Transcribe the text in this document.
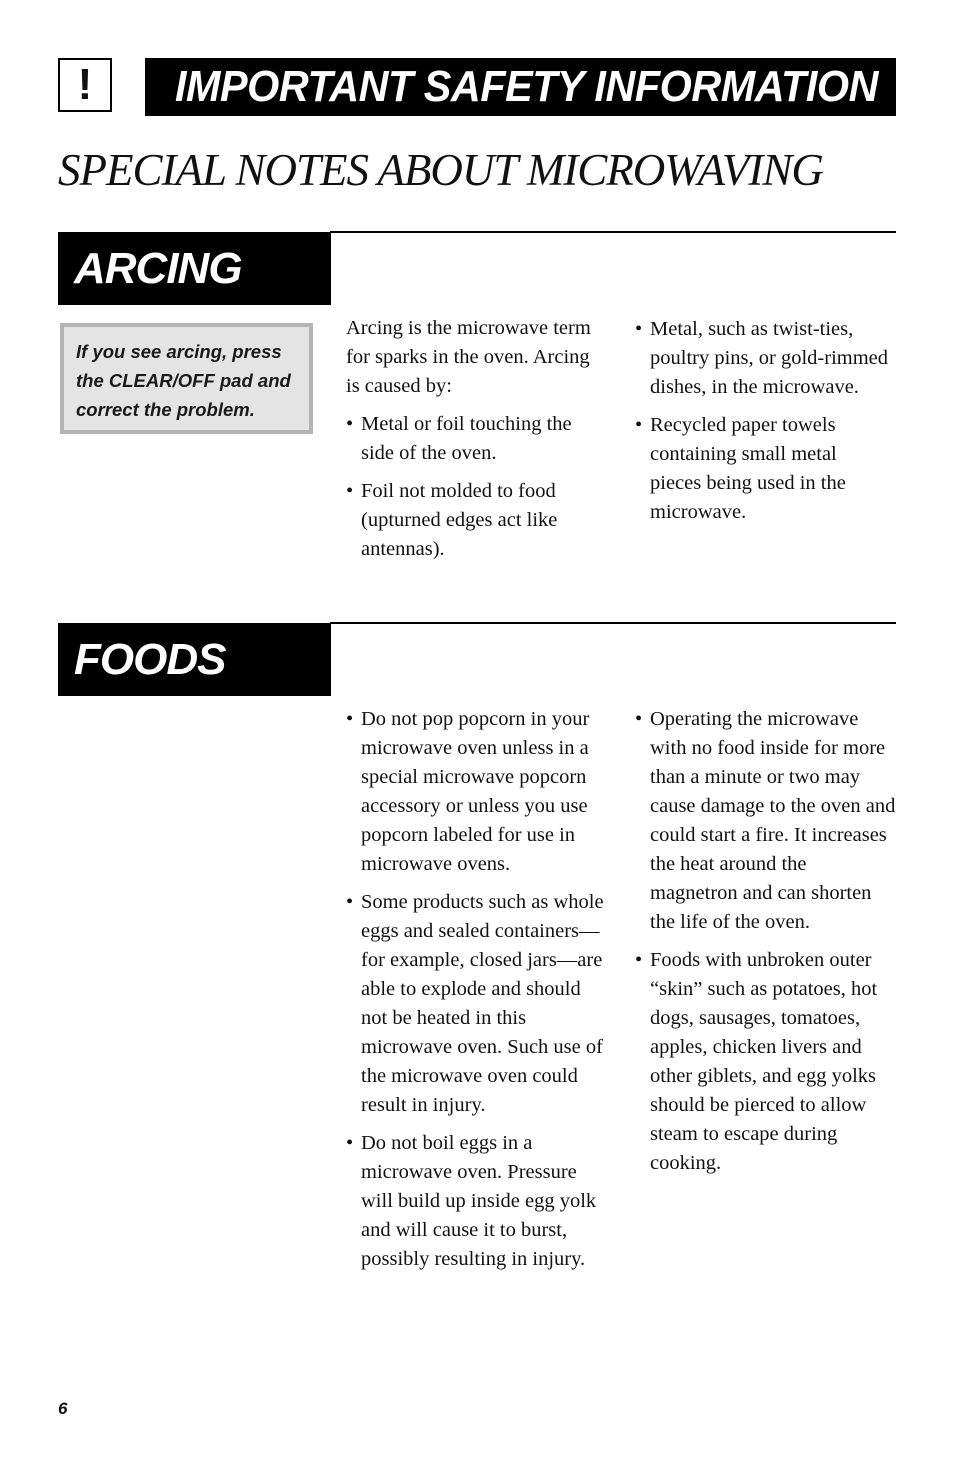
!	IMPORTANT SAFETY INFORMATION
SPECIAL NOTES ABOUT MICROWAVING
ARCING
If you see arcing, press
the CLEAR/OFF pad and
correct the problem.

Arcing is the microwave term for sparks in the oven. Arcing is caused by:

• Metal or foil touching the side of the oven.
• Foil not molded to food (upturned edges act like antennas).
• Metal, such as twist-ties, poultry pins, or gold-rimmed dishes, in the microwave.
• Recycled paper towels containing small metal pieces being used in the microwave.
FOODS
• Do not pop popcorn in your microwave oven unless in a special microwave popcorn accessory or unless you use popcorn labeled for use in microwave ovens.
• Some products such as whole eggs and sealed containers—for example, closed jars—are able to explode and should not be heated in this microwave oven. Such use of the microwave oven could result in injury.
• Do not boil eggs in a microwave oven. Pressure will build up inside egg yolk and will cause it to burst, possibly resulting in injury.
• Operating the microwave with no food inside for more than a minute or two may cause damage to the oven and could start a fire. It increases the heat around the magnetron and can shorten the life of the oven.
• Foods with unbroken outer “skin” such as potatoes, hot dogs, sausages, tomatoes, apples, chicken livers and other giblets, and egg yolks should be pierced to allow steam to escape during cooking.
6
